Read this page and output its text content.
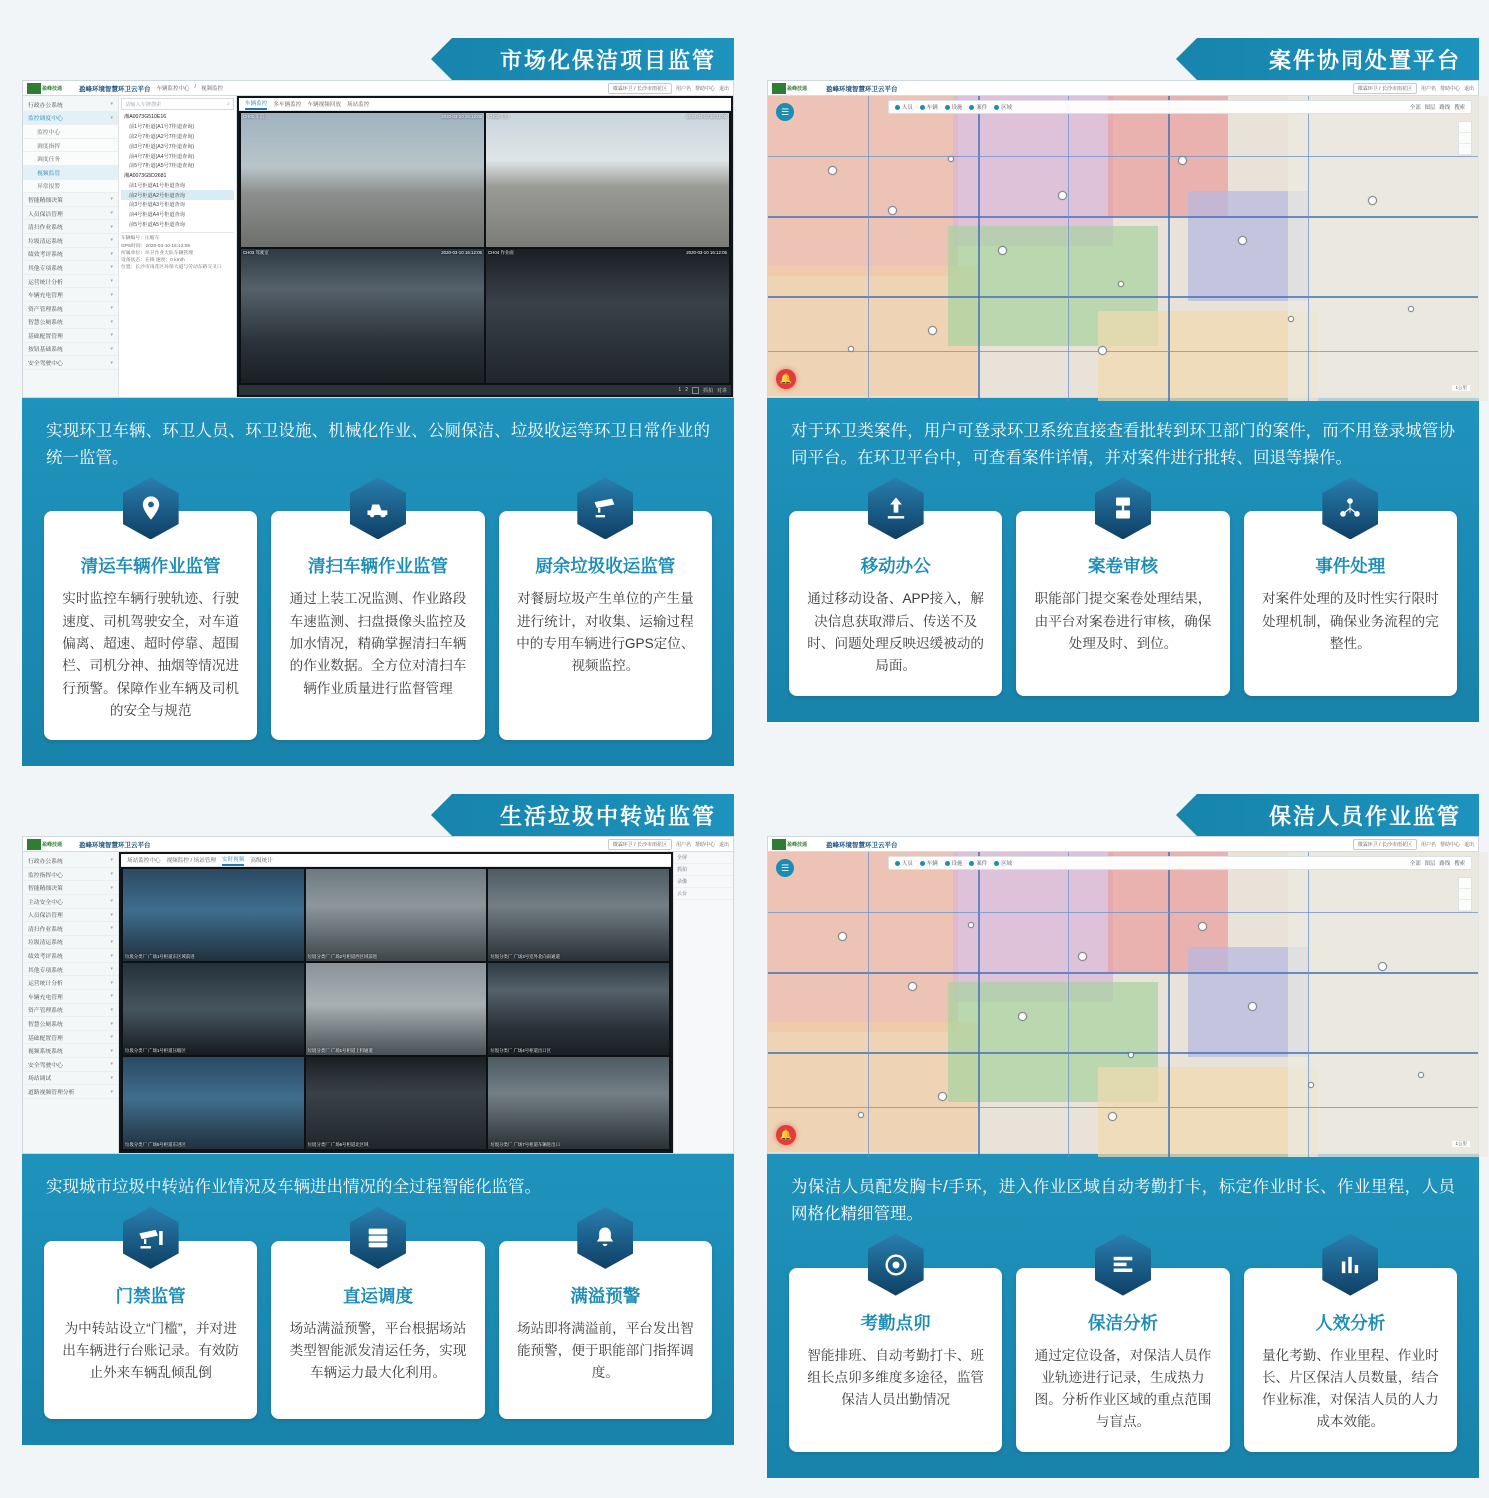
市场化保洁项目监管
盈峰技通	盈峰环境智慧环卫云平台 车辆监控中心 / 视频监控	微霖环卫 / 长沙市雨花区	用户名 帮助中心 退出
行政办公系统	▾
监控调度中心	▾
监控中心
调度指挥
调度任务
视频监管
异常报警
智能精细决策	▾
人员保洁管理	▾
清扫作业系统	▾
垃圾清运系统	▾
绩效考评系统	▾
其他专项系统	▾
运营统计分析	▾
车辆充电管理	▾
资产管理系统	▾
智慧公厕系统	▾
基础配置管理	▾
按钮基础系统	▾
安全驾驶中心	▾
请输入车牌搜索	⌕
湘A0073G510E16
前1号7柜道(A1号7柜道查询)
前2号7柜道(A2号7柜道查询)
前3号7柜道(A3号7柜道查询)
前4号7柜道(A4号7柜道查询)
前5号7柜道(A5号7柜道查询)
湘A0073G5D2681
前1号柜道A1号柜道查询
前2号柜道A2号柜道查询
前3号柜道A3号柜道查询
前4号柜道A4号柜道查询
前5号柜道A5号柜道查询
车辆编号：压缩车
GPS时间：2020-03-10 16:12:05
所属单位：环卫作业大队车辆管理
设备状态：在线 速度：0 km/h
位置：长沙市雨花区环保大道与劳动东路交叉口
车辆监控 多车辆监控 车辆视频回放 场站监控
CH01 车前	2020-03-10 16:12:05 CH02 车后	2020-03-10 16:12:05
CH03 驾驶室	2020-03-10 16:12:05 CH04 作业面	2020-03-10 16:12:05
1 2	抓拍 对讲
实现环卫车辆、环卫人员、环卫设施、机械化作业、公厕保洁、垃圾收运等环卫日常作业的统一监管。
清运车辆作业监管
实时监控车辆行驶轨迹、行驶速度、司机驾驶安全，对车道偏离、超速、超时停靠、超围栏、司机分神、抽烟等情况进行预警。保障作业车辆及司机的安全与规范
清扫车辆作业监管
通过上装工况监测、作业路段车速监测、扫盘摄像头监控及加水情况，精确掌握清扫车辆的作业数据。全方位对清扫车辆作业质量进行监督管理
厨余垃圾收运监管
对餐厨垃圾产生单位的产生量进行统计，对收集、运输过程中的专用车辆进行GPS定位、视频监控。
案件协同处置平台
盈峰技通	盈峰环境智慧环卫云平台	微霖环卫 / 长沙市雨花区	用户名 帮助中心 退出
人员	车辆	设施	案件	区域	全部 图层 路线 搜索
☰
🔔
1公里
对于环卫类案件，用户可登录环卫系统直接查看批转到环卫部门的案件，而不用登录城管协同平台。在环卫平台中，可查看案件详情，并对案件进行批转、回退等操作。
移动办公
通过移动设备、APP接入，解决信息获取滞后、传送不及时、问题处理反映迟缓被动的局面。
案卷审核
职能部门提交案卷处理结果，由平台对案卷进行审核，确保处理及时、到位。
事件处理
对案件处理的及时性实行限时处理机制，确保业务流程的完整性。
生活垃圾中转站监管
盈峰技通	盈峰环境智慧环卫云平台	微霖环卫 / 长沙市雨花区	用户名 帮助中心 退出
行政办公系统	▾
监控指挥中心	▾
智能精细决策	▾
主动安全中心	▾
人员保洁管理	▾
清扫作业系统	▾
垃圾清运系统	▾
绩效考评系统	▾
其他专项系统	▾
运营统计分析	▾
车辆充电管理	▾
资产管理系统	▾
智慧公厕系统	▾
基础配置管理	▾
视频系统系统	▾
安全驾驶中心	▾
场站调试	▾
道路视频管理分析	▾
场站监控中心 视频监控 / 场站管理 实时视频 高级统计
垃圾分类厂 广场1号柜道东区域前进	垃圾分类厂 广场2号柜道西区域前进	垃圾分类厂 广场3号室外北向南通道
垃圾分类厂 广场1号柜道压缩区	垃圾分类厂 广场1号柜道上料通道	垃圾分类厂 广场4号柜道出口区
垃圾分类厂 广场5号柜道东进区	垃圾分类厂 广场6号柜道北区域	垃圾分类厂 广场7号柜道车辆进出口
全屏
抓拍
录像
云台
实现城市垃圾中转站作业情况及车辆进出情况的全过程智能化监管。
门禁监管
为中转站设立“门槛”，并对进出车辆进行台账记录。有效防止外来车辆乱倾乱倒
直运调度
场站满溢预警，平台根据场站类型智能派发清运任务，实现车辆运力最大化利用。
满溢预警
场站即将满溢前，平台发出智能预警，便于职能部门指挥调度。
保洁人员作业监管
盈峰技通	盈峰环境智慧环卫云平台	微霖环卫 / 长沙市雨花区	用户名 帮助中心 退出
人员	车辆	设施	案件	区域	全部 图层 路线 搜索
☰
🔔
1公里
为保洁人员配发胸卡/手环，进入作业区域自动考勤打卡，标定作业时长、作业里程，人员网格化精细管理。
考勤点卯
智能排班、自动考勤打卡、班组长点卯多维度多途径，监管保洁人员出勤情况
保洁分析
通过定位设备，对保洁人员作业轨迹进行记录，生成热力图。分析作业区域的重点范围与盲点。
人效分析
量化考勤、作业里程、作业时长、片区保洁人员数量，结合作业标准，对保洁人员的人力成本效能。
